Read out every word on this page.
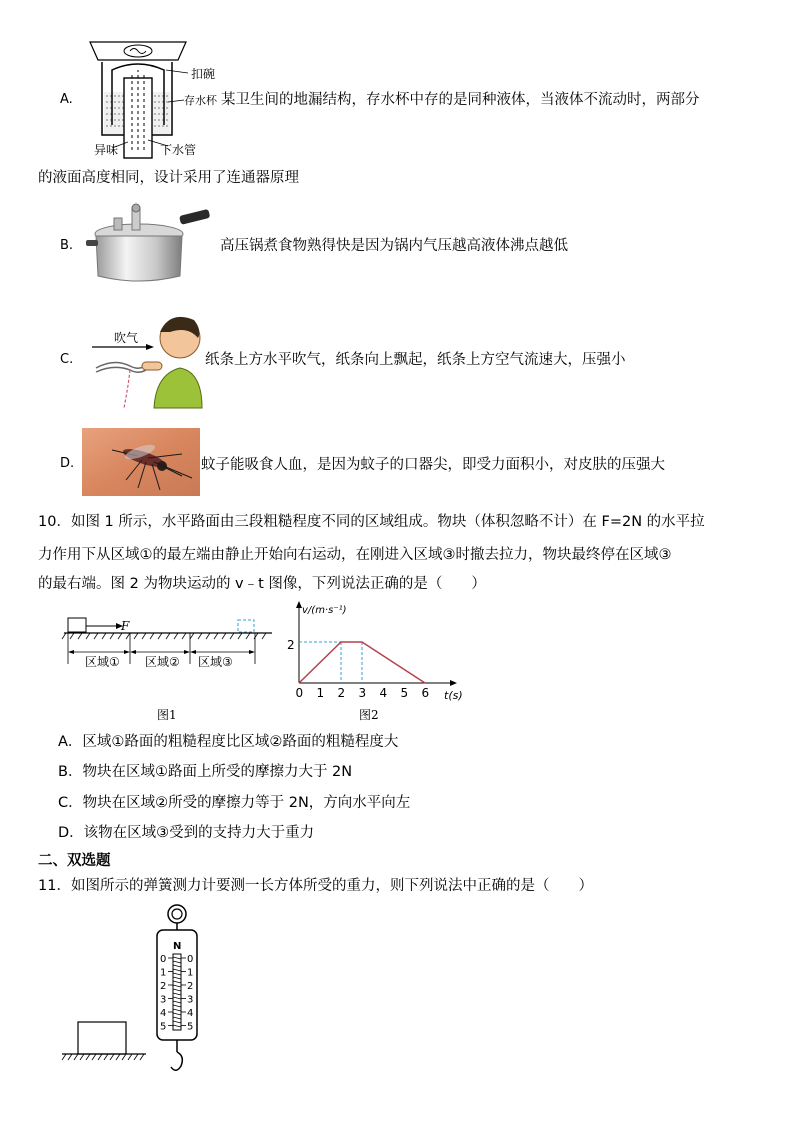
A.
扣碗
存水杯
异味	下水管
某卫生间的地漏结构，存水杯中存的是同种液体，当液体不流动时，两部分
的液面高度相同，设计采用了连通器原理
B.	高压锅煮食物熟得快是因为锅内气压越高液体沸点越低
C.
吹气
纸条上方水平吹气，纸条向上飘起，纸条上方空气流速大，压强小
D.	蚊子能吸食人血，是因为蚊子的口器尖，即受力面积小，对皮肤的压强大
10．如图 1 所示，水平路面由三段粗糙程度不同的区域组成。物块（体积忽略不计）在 F=2N 的水平拉
力作用下从区域①的最左端由静止开始向右运动，在刚进入区域③时撤去拉力，物块最终停在区域③
的最右端。图 2 为物块运动的 v﹣t 图像，下列说法正确的是（　　）
F
区域① 区域② 区域③
图1
0 1 2 3 4 5 6
v/(m·s⁻¹)
t(s)
2
图2
A．区域①路面的粗糙程度比区域②路面的粗糙程度大
B．物块在区域①路面上所受的摩擦力大于 2N
C．物块在区域②所受的摩擦力等于 2N，方向水平向左
D．该物在区域③受到的支持力大于重力
二、双选题
11．如图所示的弹簧测力计要测一长方体所受的重力，则下列说法中正确的是（　　）
0 0
1 1
2 2
3 3
4 4
5 5
N
